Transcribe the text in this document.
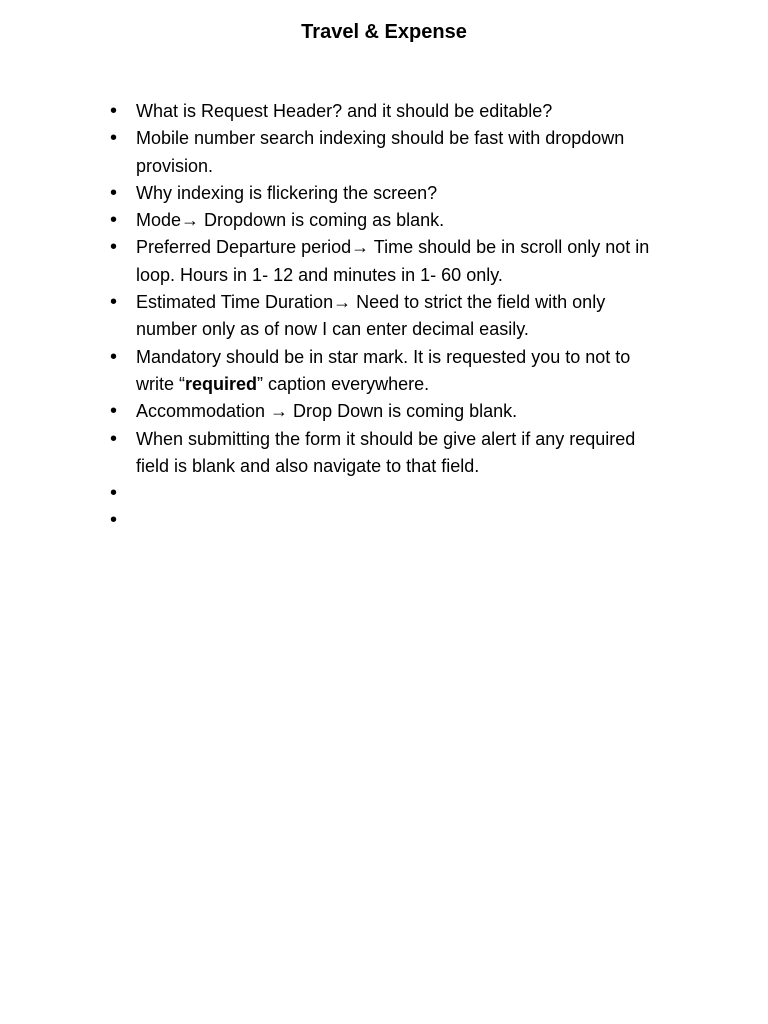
Travel & Expense
• What is Request Header? and it should be editable?
• Mobile number search indexing should be fast with dropdown provision.
• Why indexing is flickering the screen?
• Mode→ Dropdown is coming as blank.
• Preferred Departure period→ Time should be in scroll only not in loop. Hours in 1- 12 and minutes in 1- 60 only.
• Estimated Time Duration→ Need to strict the field with only number only as of now I can enter decimal easily.
• Mandatory should be in star mark. It is requested you to not to write “required” caption everywhere.
• Accommodation → Drop Down is coming blank.
• When submitting the form it should be give alert if any required field is blank and also navigate to that field.
•
•
